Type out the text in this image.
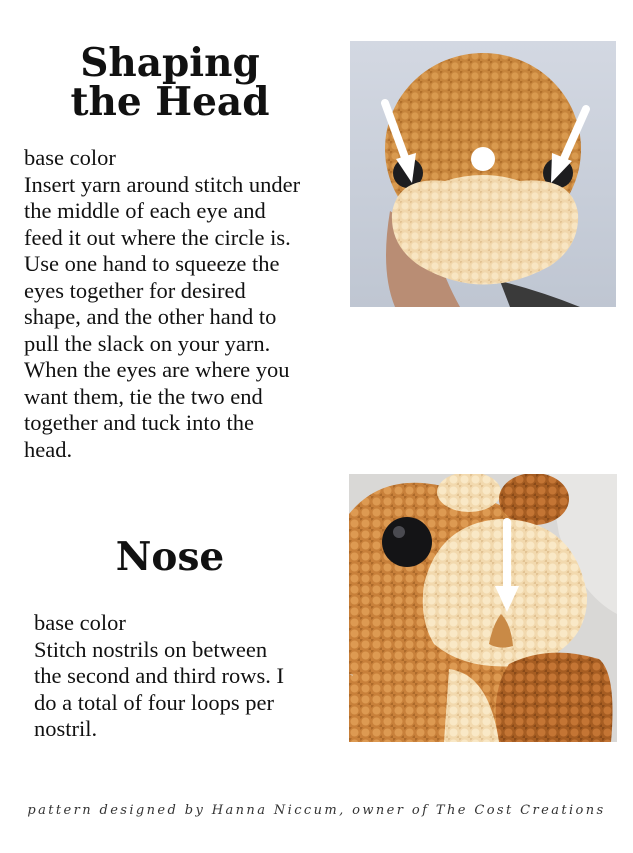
Shaping
the Head
base color
Insert yarn around stitch under
the middle of each eye and
feed it out where the circle is.
Use one hand to squeeze the
eyes together for desired
shape, and the other hand to
pull the slack on your yarn.
When the eyes are where you
want them, tie the two end
together and tuck into the
head.
Nose
base color
Stitch nostrils on between
the second and third rows. I
do a total of four loops per
nostril.
pattern designed by Hanna Niccum, owner of The Cost Creations
